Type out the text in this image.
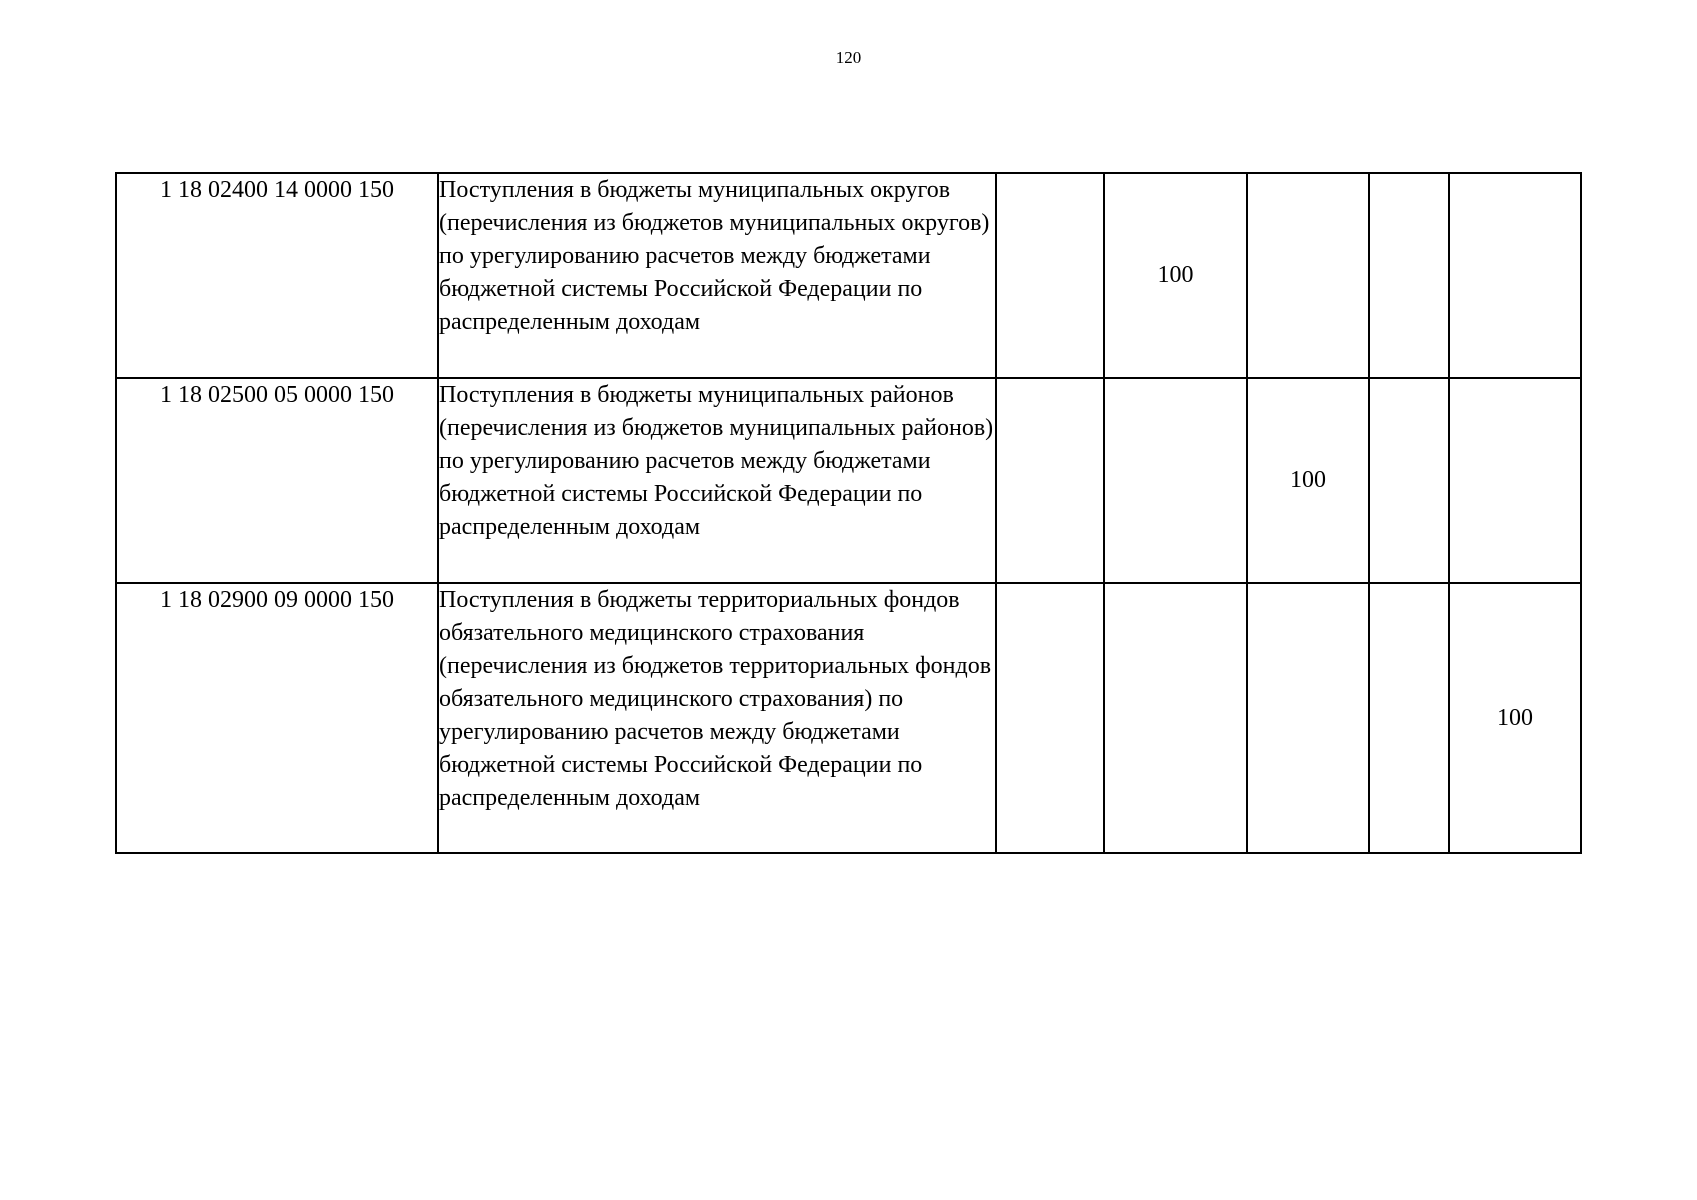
120
1 18 02400 14 0000 150	Поступления в бюджеты муниципальных округов (перечисления из бюджетов муниципальных округов) по урегулированию расчетов между бюджетами бюджетной системы Российской Федерации по распределенным доходам		100			
1 18 02500 05 0000 150	Поступления в бюджеты муниципальных районов (перечисления из бюджетов муниципальных районов) по урегулированию расчетов между бюджетами бюджетной системы Российской Федерации по распределенным доходам			100		
1 18 02900 09 0000 150	Поступления в бюджеты территориальных фондов обязательного медицинского страхования (перечисления из бюджетов территориальных фондов обязательного медицинского страхования) по урегулированию расчетов между бюджетами бюджетной системы Российской Федерации по распределенным доходам					100
